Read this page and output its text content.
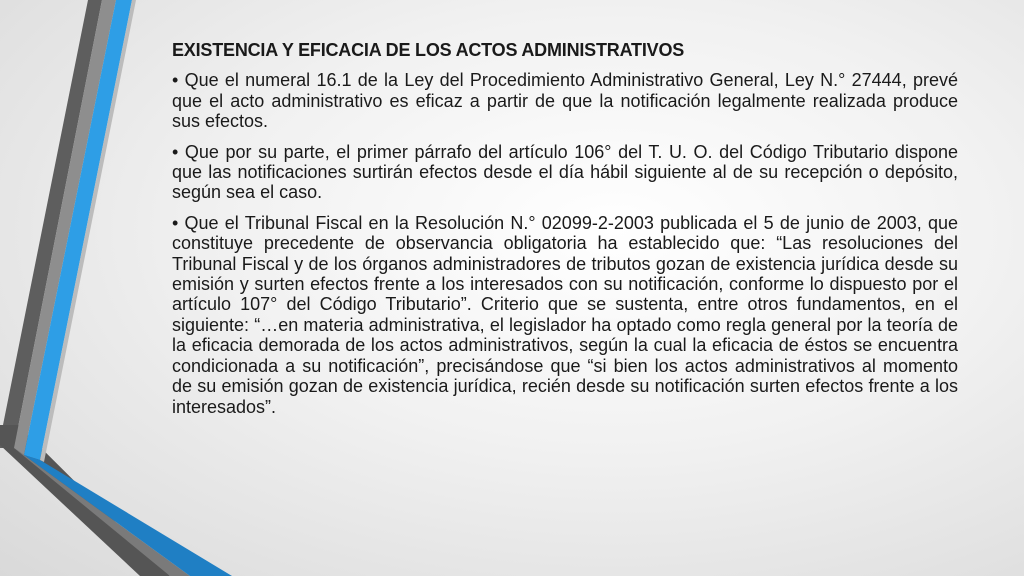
EXISTENCIA Y EFICACIA DE LOS ACTOS ADMINISTRATIVOS

• Que el numeral 16.1 de la Ley del Procedimiento Administrativo General, Ley N.° 27444, prevé que el acto administrativo es eficaz a partir de que la notificación legalmente realizada produce sus efectos.

• Que por su parte, el primer párrafo del artículo 106° del T. U. O. del Código Tributario dispone que las notificaciones surtirán efectos desde el día hábil siguiente al de su recepción o depósito, según sea el caso.

• Que el Tribunal Fiscal en la Resolución N.° 02099-2-2003 publicada el 5 de junio de 2003, que constituye precedente de observancia obligatoria ha establecido que: “Las resoluciones del Tribunal Fiscal y de los órganos administradores de tributos gozan de existencia jurídica desde su emisión y surten efectos frente a los interesados con su notificación, conforme lo dispuesto por el artículo 107° del Código Tributario”. Criterio que se sustenta, entre otros fundamentos, en el siguiente: “…en materia administrativa, el legislador ha optado como regla general por la teoría de la eficacia demorada de los actos administrativos, según la cual la eficacia de éstos se encuentra condicionada a su notificación”, precisándose que “si bien los actos administrativos al momento de su emisión gozan de existencia jurídica, recién desde su notificación surten efectos frente a los interesados”.
